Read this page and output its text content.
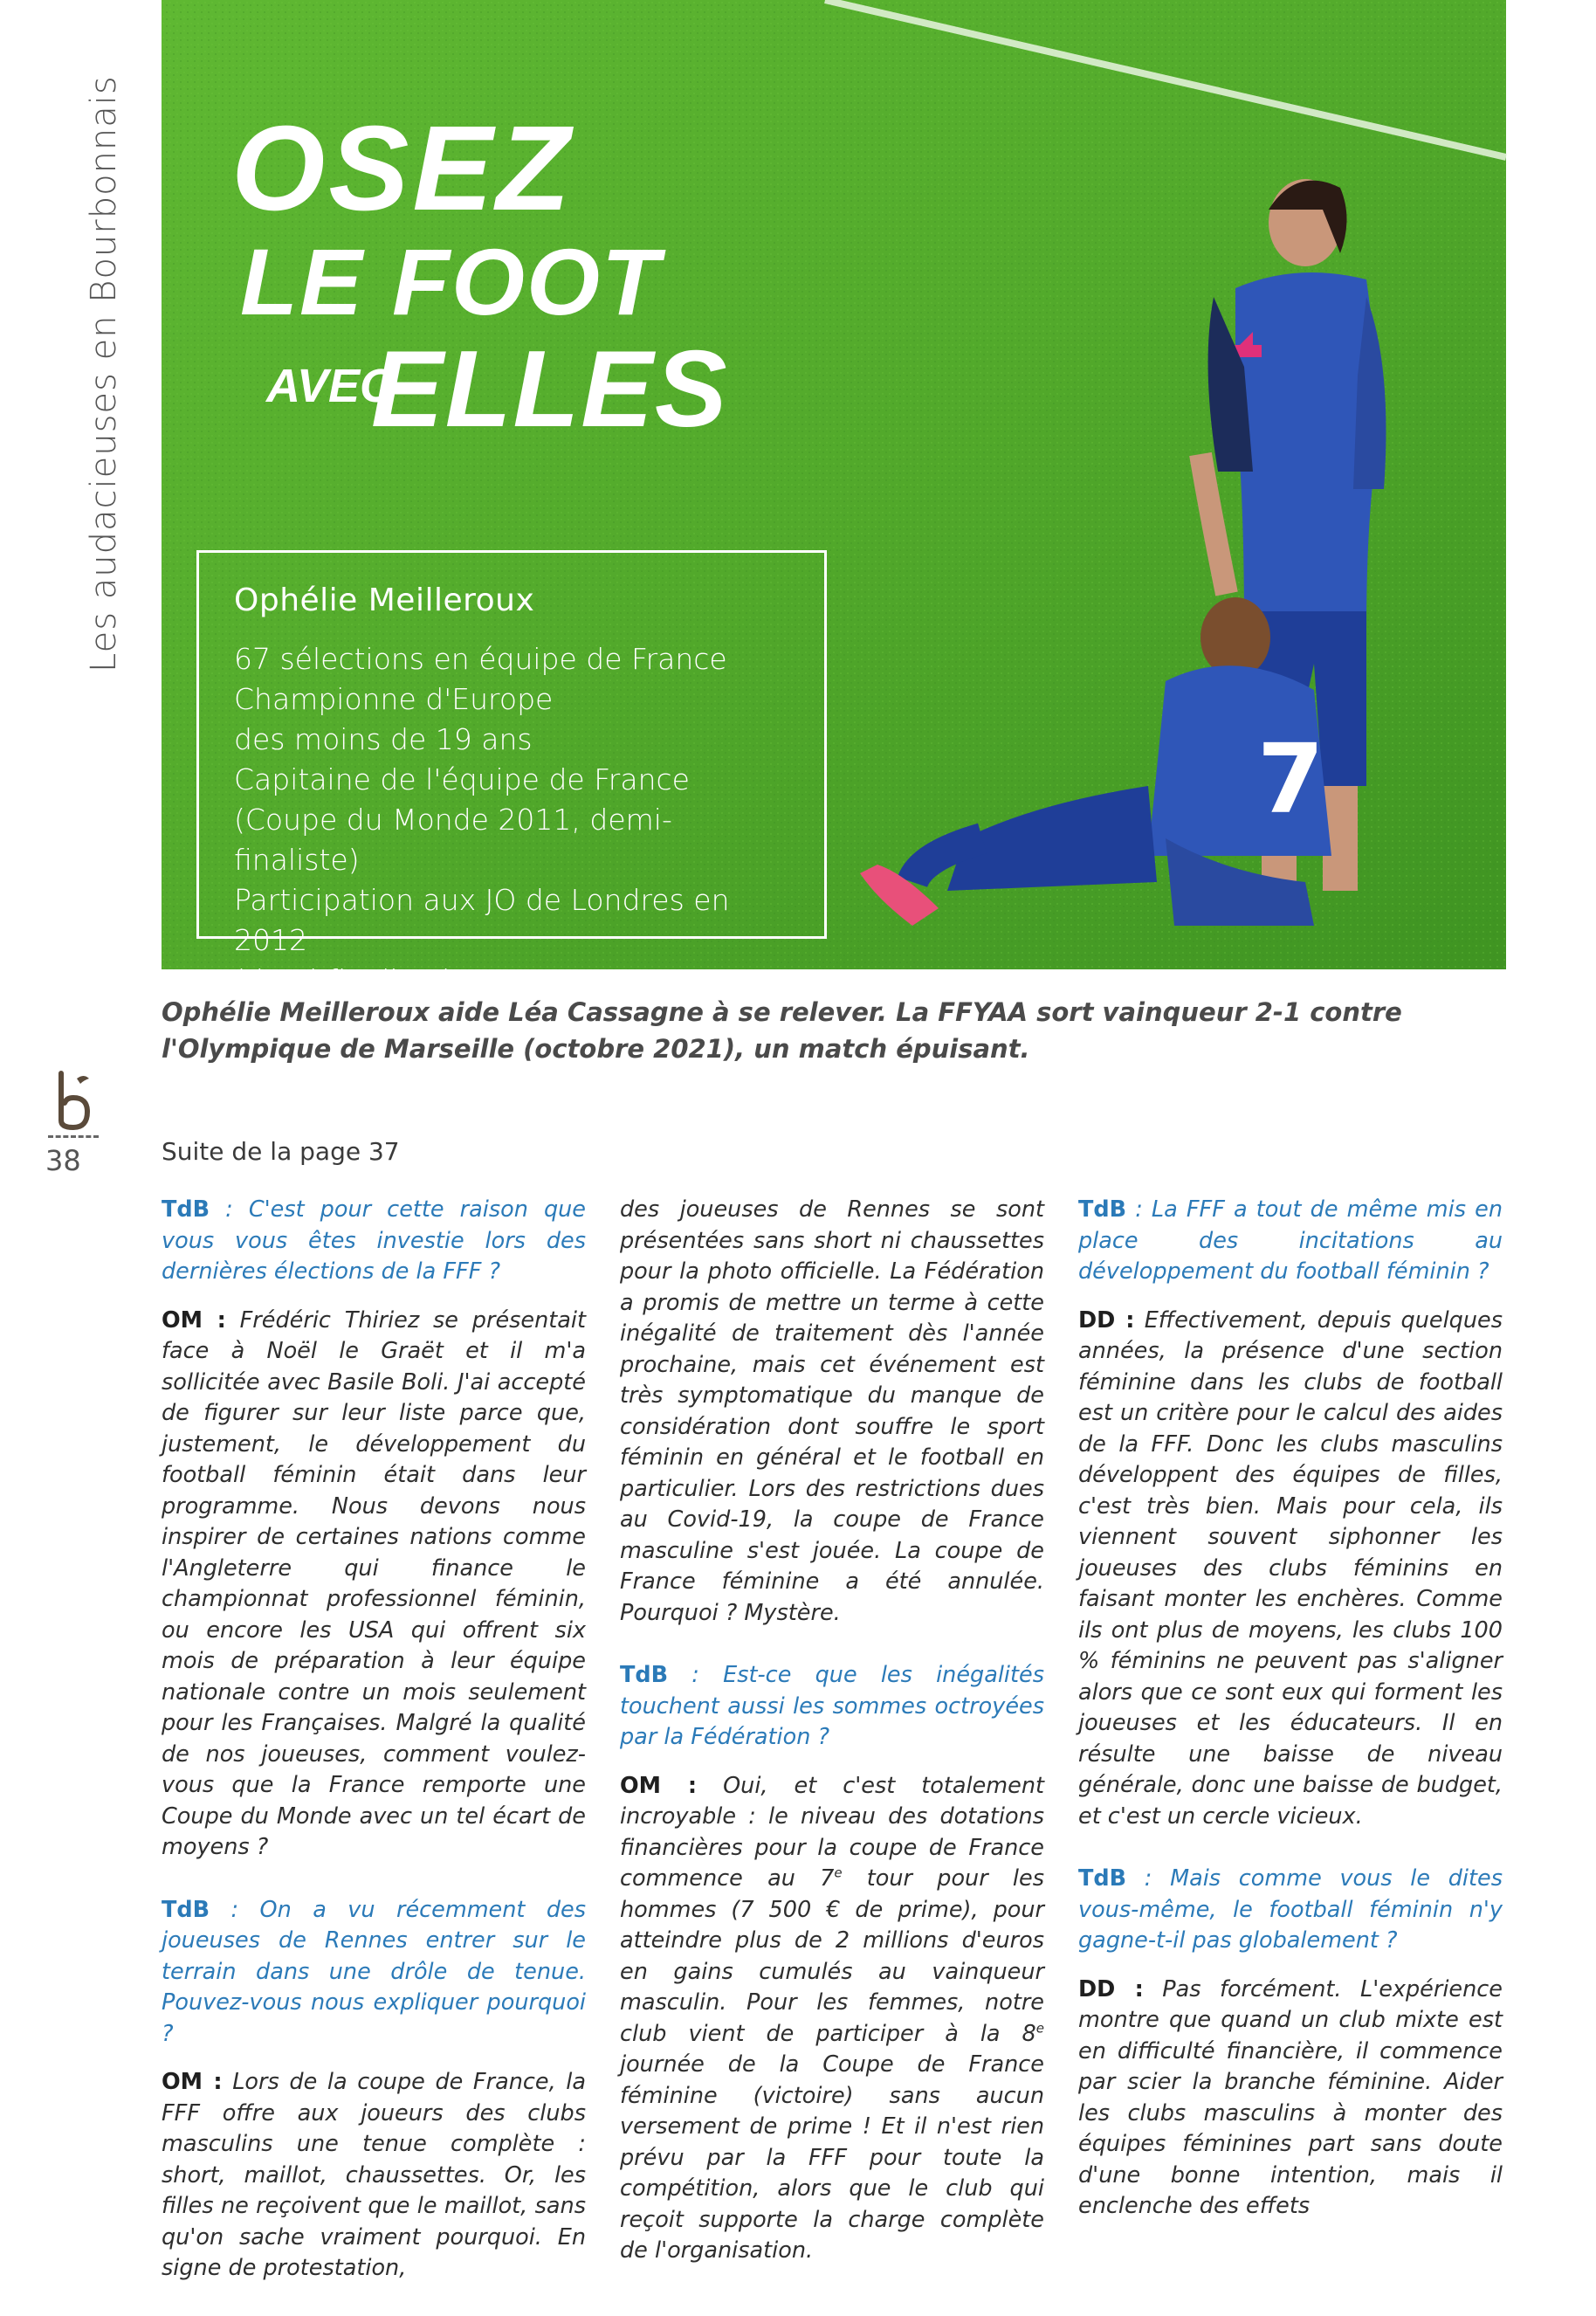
Les audacieuses en Bourbonnais
38
7
OSEZ
LE FOOT
AVEC
ELLES
Ophélie Meilleroux
67 sélections en équipe de France
Championne d'Europe
des moins de 19 ans
Capitaine de l'équipe de France
(Coupe du Monde 2011, demi-finaliste)
Participation aux JO de Londres en 2012
(demi-finaliste)
Ophélie Meilleroux aide Léa Cassagne à se relever. La FFYAA sort vainqueur 2-1 contre l'Olympique de Marseille (octobre 2021), un match épuisant.
Suite de la page 37

TdB : C'est pour cette raison que vous vous êtes investie lors des dernières élections de la FFF ?

OM : Frédéric Thiriez se présentait face à Noël le Graët et il m'a sollicitée avec Basile Boli. J'ai accepté de figurer sur leur liste parce que, justement, le développement du football féminin était dans leur programme. Nous devons nous inspirer de certaines nations comme l'Angleterre qui finance le championnat professionnel féminin, ou encore les USA qui offrent six mois de préparation à leur équipe nationale contre un mois seulement pour les Françaises. Malgré la qualité de nos joueuses, comment voulez-vous que la France remporte une Coupe du Monde avec un tel écart de moyens ?

TdB : On a vu récemment des joueuses de Rennes entrer sur le terrain dans une drôle de tenue. Pouvez-vous nous expliquer pourquoi ?

OM : Lors de la coupe de France, la FFF offre aux joueurs des clubs masculins une tenue complète : short, maillot, chaussettes. Or, les filles ne reçoivent que le maillot, sans qu'on sache vraiment pourquoi. En signe de protestation,

des joueuses de Rennes se sont présentées sans short ni chaussettes pour la photo officielle. La Fédération a promis de mettre un terme à cette inégalité de traitement dès l'année prochaine, mais cet événement est très symptomatique du manque de considération dont souffre le sport féminin en général et le football en particulier. Lors des restrictions dues au Covid-19, la coupe de France masculine s'est jouée. La coupe de France féminine a été annulée. Pourquoi ? Mystère.

TdB : Est-ce que les inégalités touchent aussi les sommes octroyées par la Fédération ?

OM : Oui, et c'est totalement incroyable : le niveau des dotations financières pour la coupe de France commence au 7e tour pour les hommes (7 500 € de prime), pour atteindre plus de 2 millions d'euros en gains cumulés au vainqueur masculin. Pour les femmes, notre club vient de participer à la 8e journée de la Coupe de France féminine (victoire) sans aucun versement de prime ! Et il n'est rien prévu par la FFF pour toute la compétition, alors que le club qui reçoit supporte la charge complète de l'organisation.

TdB : La FFF a tout de même mis en place des incitations au développement du football féminin ?

DD : Effectivement, depuis quelques années, la présence d'une section féminine dans les clubs de football est un critère pour le calcul des aides de la FFF. Donc les clubs masculins développent des équipes de filles, c'est très bien. Mais pour cela, ils viennent souvent siphonner les joueuses des clubs féminins en faisant monter les enchères. Comme ils ont plus de moyens, les clubs 100 % féminins ne peuvent pas s'aligner alors que ce sont eux qui forment les joueuses et les éducateurs. Il en résulte une baisse de niveau générale, donc une baisse de budget, et c'est un cercle vicieux.

TdB : Mais comme vous le dites vous-même, le football féminin n'y gagne-t-il pas globalement ?

DD : Pas forcément. L'expérience montre que quand un club mixte est en difficulté financière, il commence par scier la branche féminine. Aider les clubs masculins à monter des équipes féminines part sans doute d'une bonne intention, mais il enclenche des effets
